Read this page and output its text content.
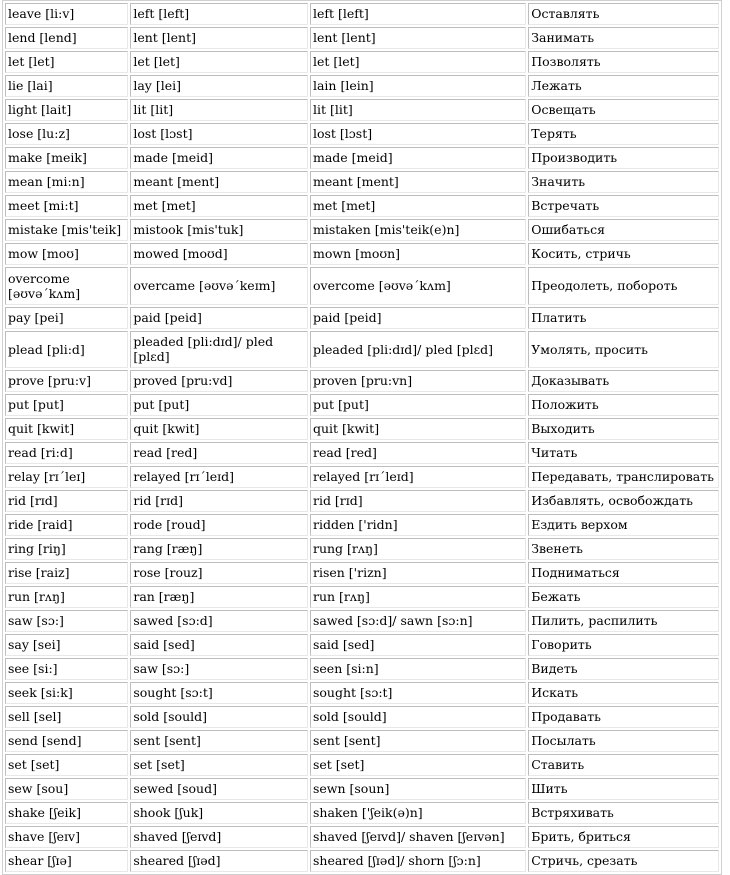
leave [li:v]	left [left]	left [left]	Оставлять
lend [lend]	lent [lent]	lent [lent]	Занимать
let [let]	let [let]	let [let]	Позволять
lie [lai]	lay [lei]	lain [lein]	Лежать
light [lait]	lit [lit]	lit [lit]	Освещать
lose [lu:z]	lost [lɔst]	lost [lɔst]	Терять
make [meik]	made [meid]	made [meid]	Производить
mean [mi:n]	meant [ment]	meant [ment]	Значить
meet [mi:t]	met [met]	met [met]	Встречать
mistake [mis'teik]	mistook [mis'tuk]	mistaken [mis'teik(e)n]	Ошибаться
mow [moʊ]	mowed [moʊd]	mown [moʊn]	Косить, стричь
overcome [əʊvə΄kʌm]	overcame [əʊvə΄keɪm]	overcome [əʊvə΄kʌm]	Преодолеть, побороть
pay [pei]	paid [peid]	paid [peid]	Платить
plead [pli:d]	pleaded [pli:dɪd]/ pled [plɛd]	pleaded [pli:dɪd]/ pled [plɛd]	Умолять, просить
prove [pru:v]	proved [pru:vd]	proven [pru:vn]	Доказывать
put [put]	put [put]	put [put]	Положить
quit [kwit]	quit [kwit]	quit [kwit]	Выходить
read [ri:d]	read [red]	read [red]	Читать
relay [rɪ΄leɪ]	relayed [rɪ΄leɪd]	relayed [rɪ΄leɪd]	Передавать, транслировать
rid [rɪd]	rid [rɪd]	rid [rɪd]	Избавлять, освобождать
ride [raid]	rode [roud]	ridden ['ridn]	Ездить верхом
ring [riŋ]	rang [ræŋ]	rung [rʌŋ]	Звенеть
rise [raiz]	rose [rouz]	risen ['rizn]	Подниматься
run [rʌŋ]	ran [ræŋ]	run [rʌŋ]	Бежать
saw [sɔ:]	sawed [sɔ:d]	sawed [sɔ:d]/ sawn [sɔ:n]	Пилить, распилить
say [sei]	said [sed]	said [sed]	Говорить
see [si:]	saw [sɔ:]	seen [si:n]	Видеть
seek [si:k]	sought [sɔ:t]	sought [sɔ:t]	Искать
sell [sel]	sold [sould]	sold [sould]	Продавать
send [send]	sent [sent]	sent [sent]	Посылать
set [set]	set [set]	set [set]	Ставить
sew [sou]	sewed [soud]	sewn [soun]	Шить
shake [ʃeik]	shook [ʃuk]	shaken ['ʃeik(ə)n]	Встряхивать
shave [ʃeɪv]	shaved [ʃeɪvd]	shaved [ʃeɪvd]/ shaven [ʃeɪvən]	Брить, бриться
shear [ʃɪə]	sheared [ʃɪəd]	sheared [ʃɪəd]/ shorn [ʃɔ:n]	Стричь, срезать
